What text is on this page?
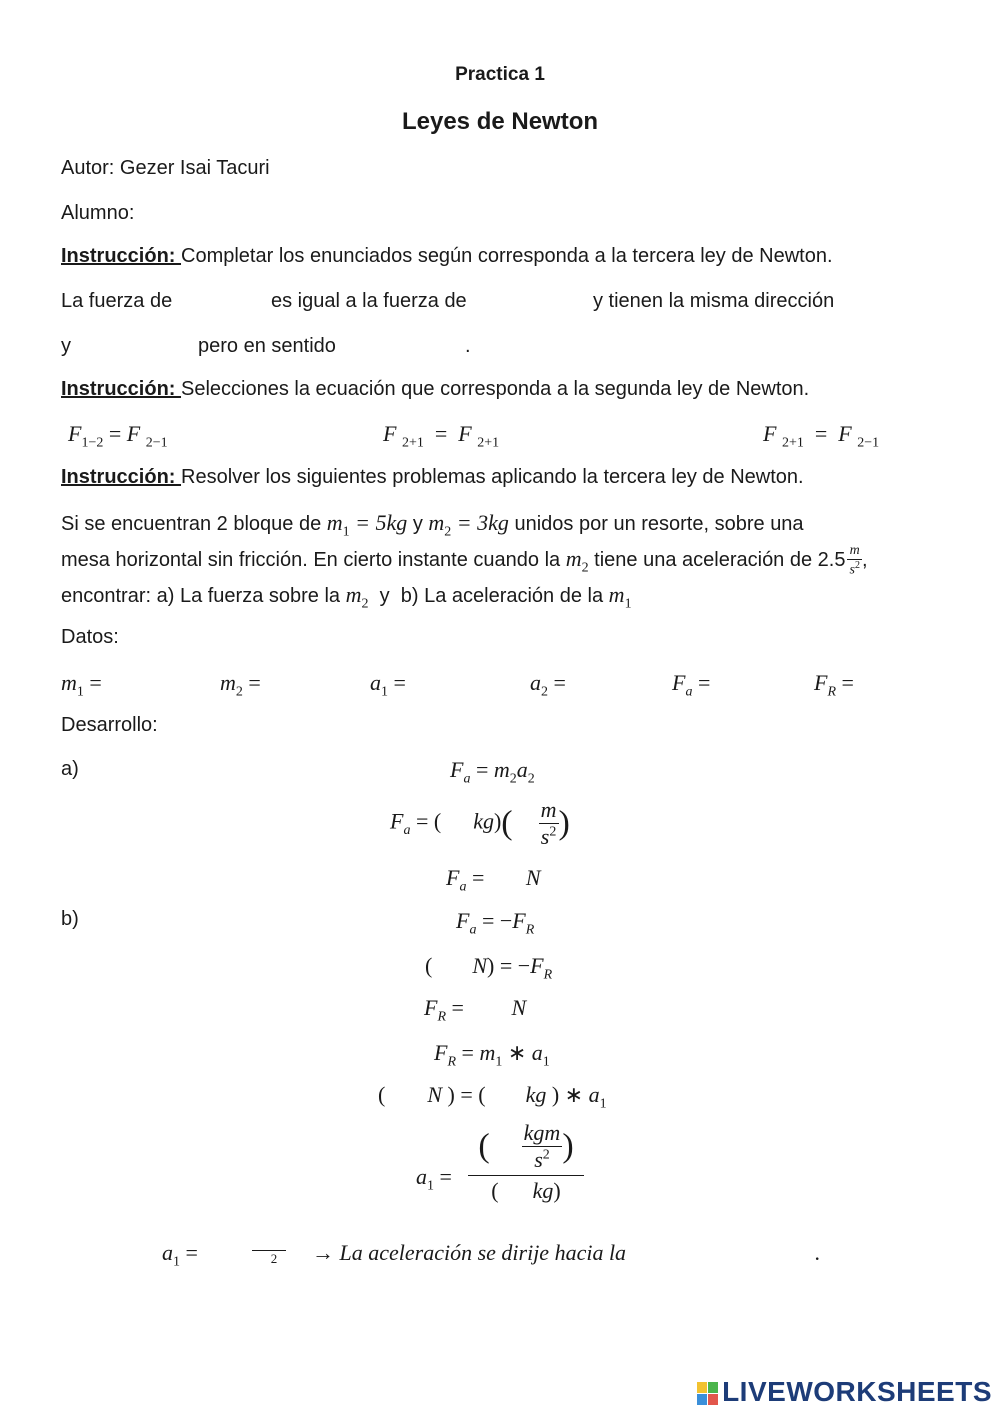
Practica 1
Leyes de Newton
Autor: Gezer Isai Tacuri
Alumno:
Instrucción: Completar los enunciados según corresponda a la tercera ley de Newton.
La fuerza de	es igual a la fuerza de	y tienen la misma dirección
y	pero en sentido	.
Instrucción: Selecciones la ecuación que corresponda a la segunda ley de Newton.
$F_{1-2} = F$ $_{2-1}$	F $_{2+1}$ = F $_{2+1}$	F $_{2+1}$ = F $_{2-1}$
Instrucción: Resolver los siguientes problemas aplicando la tercera ley de Newton.
Si se encuentran 2 bloque de $m_1 = 5kg$ y $m_2 = 3kg$ unidos por un resorte, sobre una
mesa horizontal sin fricción. En cierto instante cuando la $m_2$ tiene una aceleración de $2.5 \frac{m}{s^2}$ ,
encontrar: a) La fuerza sobre la $m_2$ y b) La aceleración de la $m_1$
Datos:
$m_1$ =	$m_2$ =	$a_1$ =	$a_2$ =	$F_a$ =	$F_R$ =
Desarrollo:
a)	$F_a = m_2a_2$
$F_a$ = ( $kg)( \frac{m}{s^2}$ )
$F_a = N$
b)	$F_a = -F_R$
( $N) = -F_R$
$F_R = N$
$F_R = m_1$ ∗ $a_1$
( N ) = ( kg ) ∗ $a_1$
$a_1$ =
( $\frac{\text{kgm}}{s^2}$ )
( kg)
$a_1$ =	2	→ La aceleración se dirije hacia la	.
LIVEWORKSHEETS
